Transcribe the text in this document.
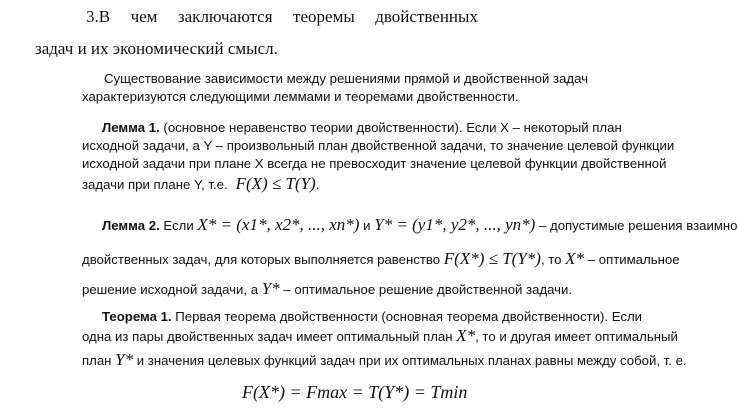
3.В чем заключаются теоремы двойственных
задач и их экономический смысл.
Существование зависимости между решениями прямой и двойственной задач
характеризуются следующими леммами и теоремами двойственности.
Лемма 1. (основное неравенство теории двойственности). Если X – некоторый план
исходной задачи, а Y – произвольный план двойственной задачи, то значение целевой функции
исходной задачи при плане X всегда не превосходит значение целевой функции двойственной
задачи при плане Y, т.е. F(X) ≤ T(Y).
Лемма 2. Если X* = (x1*, x2*, ..., xn*) и Y* = (y1*, y2*, ..., yn*) – допустимые решения взаимно
двойственных задач, для которых выполняется равенство F(X*) ≤ T(Y*), то X* – оптимальное
решение исходной задачи, а Y* – оптимальное решение двойственной задачи.
Теорема 1. Первая теорема двойственности (основная теорема двойственности). Если
одна из пары двойственных задач имеет оптимальный план X*, то и другая имеет оптимальный
план Y* и значения целевых функций задач при их оптимальных планах равны между собой, т. е.
F(X*) = Fmax = T(Y*) = Tmin
